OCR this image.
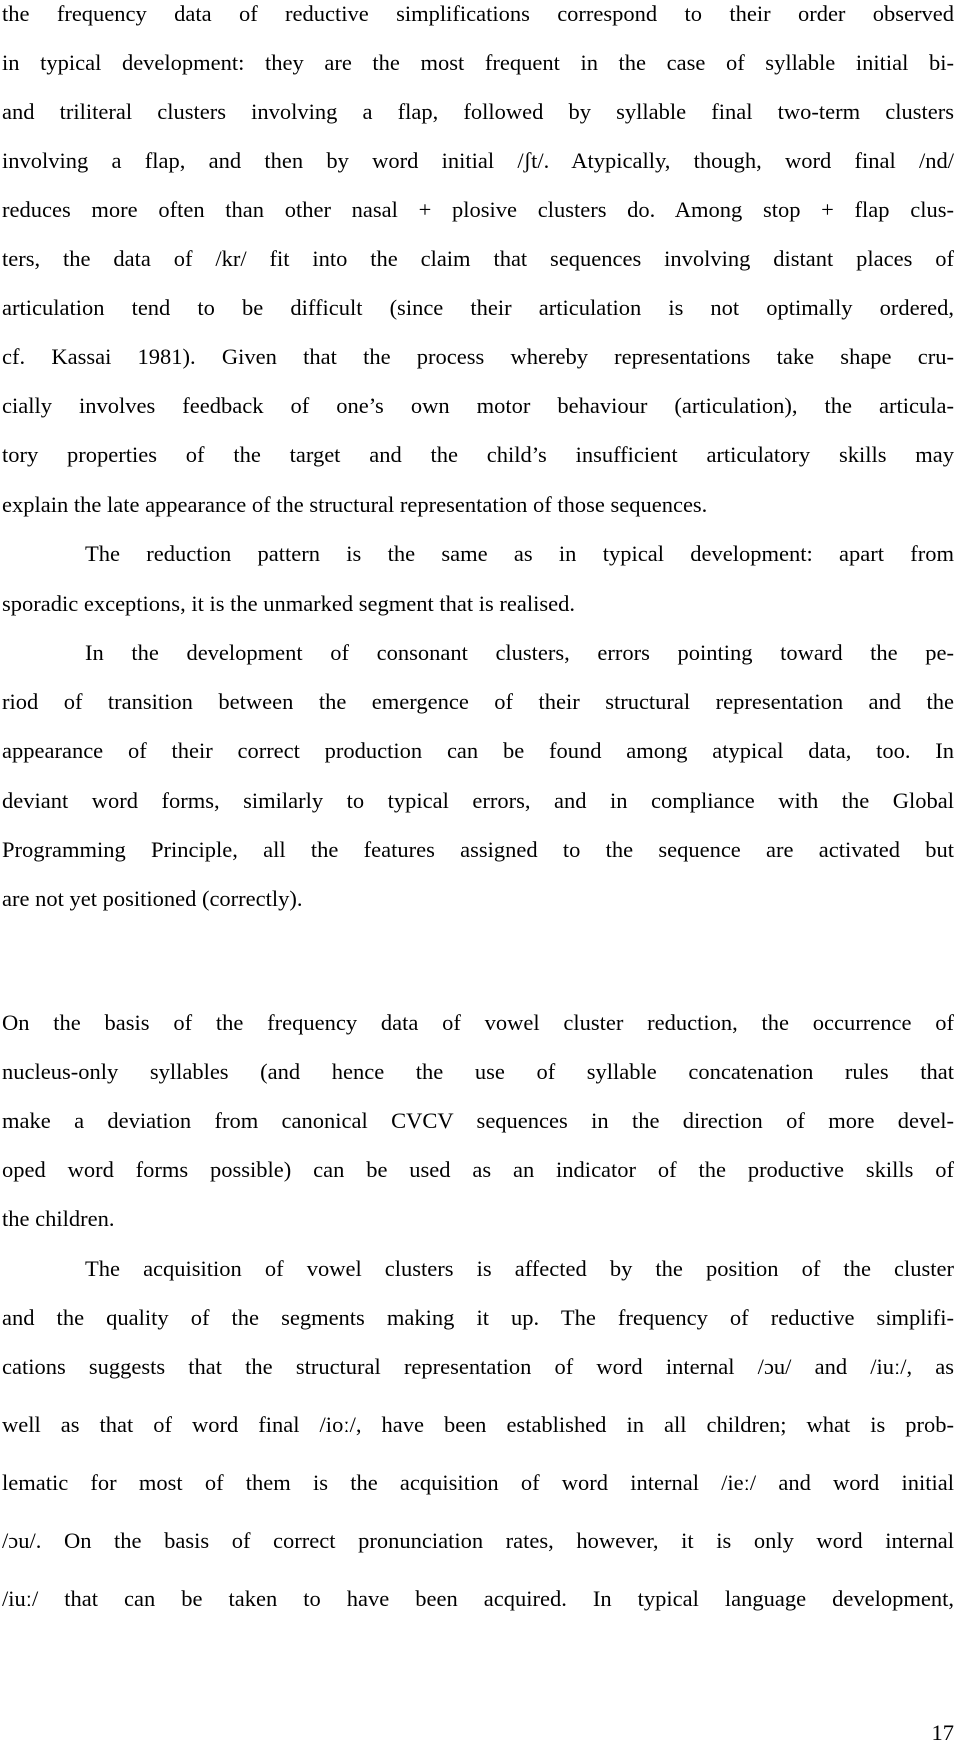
the frequency data of reductive simplifications correspond to their order observed
in typical development: they are the most frequent in the case of syllable initial bi-
and triliteral clusters involving a flap, followed by syllable final two-term clusters
involving a flap, and then by word initial /ʃt/. Atypically, though, word final /nd/
reduces more often than other nasal + plosive clusters do. Among stop + flap clus-
ters, the data of /kr/ fit into the claim that sequences involving distant places of
articulation tend to be difficult (since their articulation is not optimally ordered,
cf. Kassai 1981). Given that the process whereby representations take shape cru-
cially involves feedback of one’s own motor behaviour (articulation), the articula-
tory properties of the target and the child’s insufficient articulatory skills may
explain the late appearance of the structural representation of those sequences.
The reduction pattern is the same as in typical development: apart from
sporadic exceptions, it is the unmarked segment that is realised.
In the development of consonant clusters, errors pointing toward the pe-
riod of transition between the emergence of their structural representation and the
appearance of their correct production can be found among atypical data, too. In
deviant word forms, similarly to typical errors, and in compliance with the Global
Programming Principle, all the features assigned to the sequence are activated but
are not yet positioned (correctly).
On the basis of the frequency data of vowel cluster reduction, the occurrence of
nucleus-only syllables (and hence the use of syllable concatenation rules that
make a deviation from canonical CVCV sequences in the direction of more devel-
oped word forms possible) can be used as an indicator of the productive skills of
the children.
The acquisition of vowel clusters is affected by the position of the cluster
and the quality of the segments making it up. The frequency of reductive simplifi-
cations suggests that the structural representation of word internal /ɔu/ and /iuː/, as
well as that of word final /ioː/, have been established in all children; what is prob-
lematic for most of them is the acquisition of word internal /ieː/ and word initial
/ɔu/. On the basis of correct pronunciation rates, however, it is only word internal
/iuː/ that can be taken to have been acquired. In typical language development,
17
